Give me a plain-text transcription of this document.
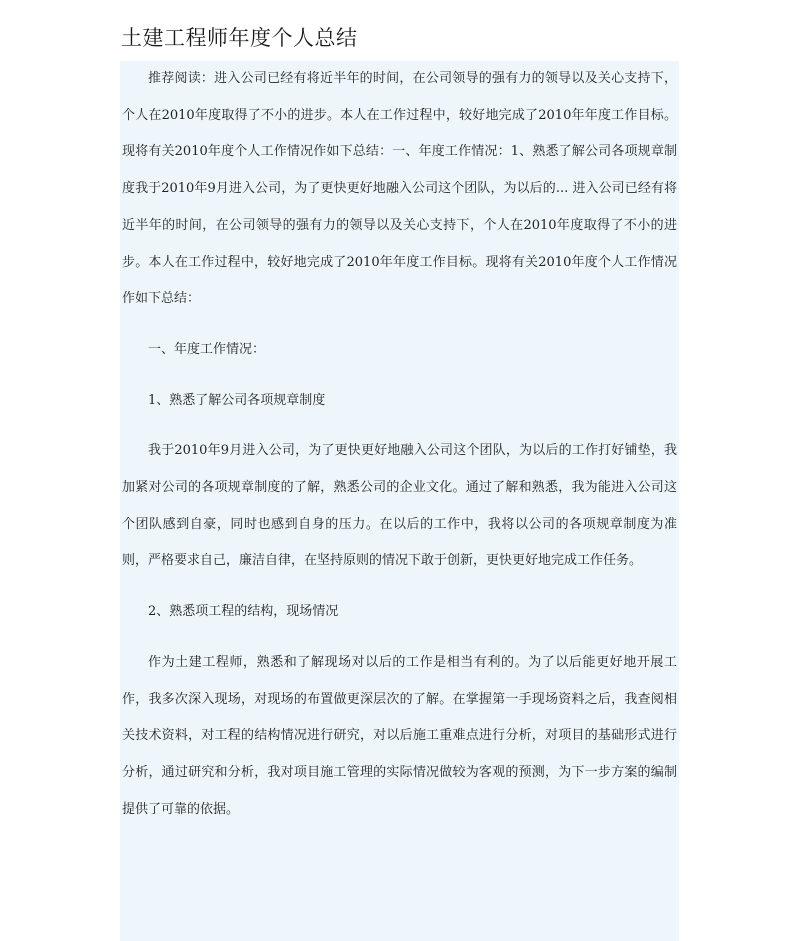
土建工程师年度个人总结

推荐阅读：进入公司已经有将近半年的时间，在公司领导的强有力的领导以及关心支持下，个人在2010年度取得了不小的进步。本人在工作过程中，较好地完成了2010年年度工作目标。现将有关2010年度个人工作情况作如下总结：一、年度工作情况：1、熟悉了解公司各项规章制度我于2010年9月进入公司，为了更快更好地融入公司这个团队，为以后的... 进入公司已经有将近半年的时间，在公司领导的强有力的领导以及关心支持下，个人在2010年度取得了不小的进步。本人在工作过程中，较好地完成了2010年年度工作目标。现将有关2010年度个人工作情况作如下总结：

一、年度工作情况：

1、熟悉了解公司各项规章制度

我于2010年9月进入公司，为了更快更好地融入公司这个团队，为以后的工作打好铺垫，我加紧对公司的各项规章制度的了解，熟悉公司的企业文化。通过了解和熟悉，我为能进入公司这个团队感到自豪，同时也感到自身的压力。在以后的工作中，我将以公司的各项规章制度为准则，严格要求自己，廉洁自律，在坚持原则的情况下敢于创新，更快更好地完成工作任务。

2、熟悉项工程的结构，现场情况

作为土建工程师，熟悉和了解现场对以后的工作是相当有利的。为了以后能更好地开展工作，我多次深入现场，对现场的布置做更深层次的了解。在掌握第一手现场资料之后，我查阅相关技术资料，对工程的结构情况进行研究，对以后施工重难点进行分析，对项目的基础形式进行分析，通过研究和分析，我对项目施工管理的实际情况做较为客观的预测，为下一步方案的编制提供了可靠的依据。
